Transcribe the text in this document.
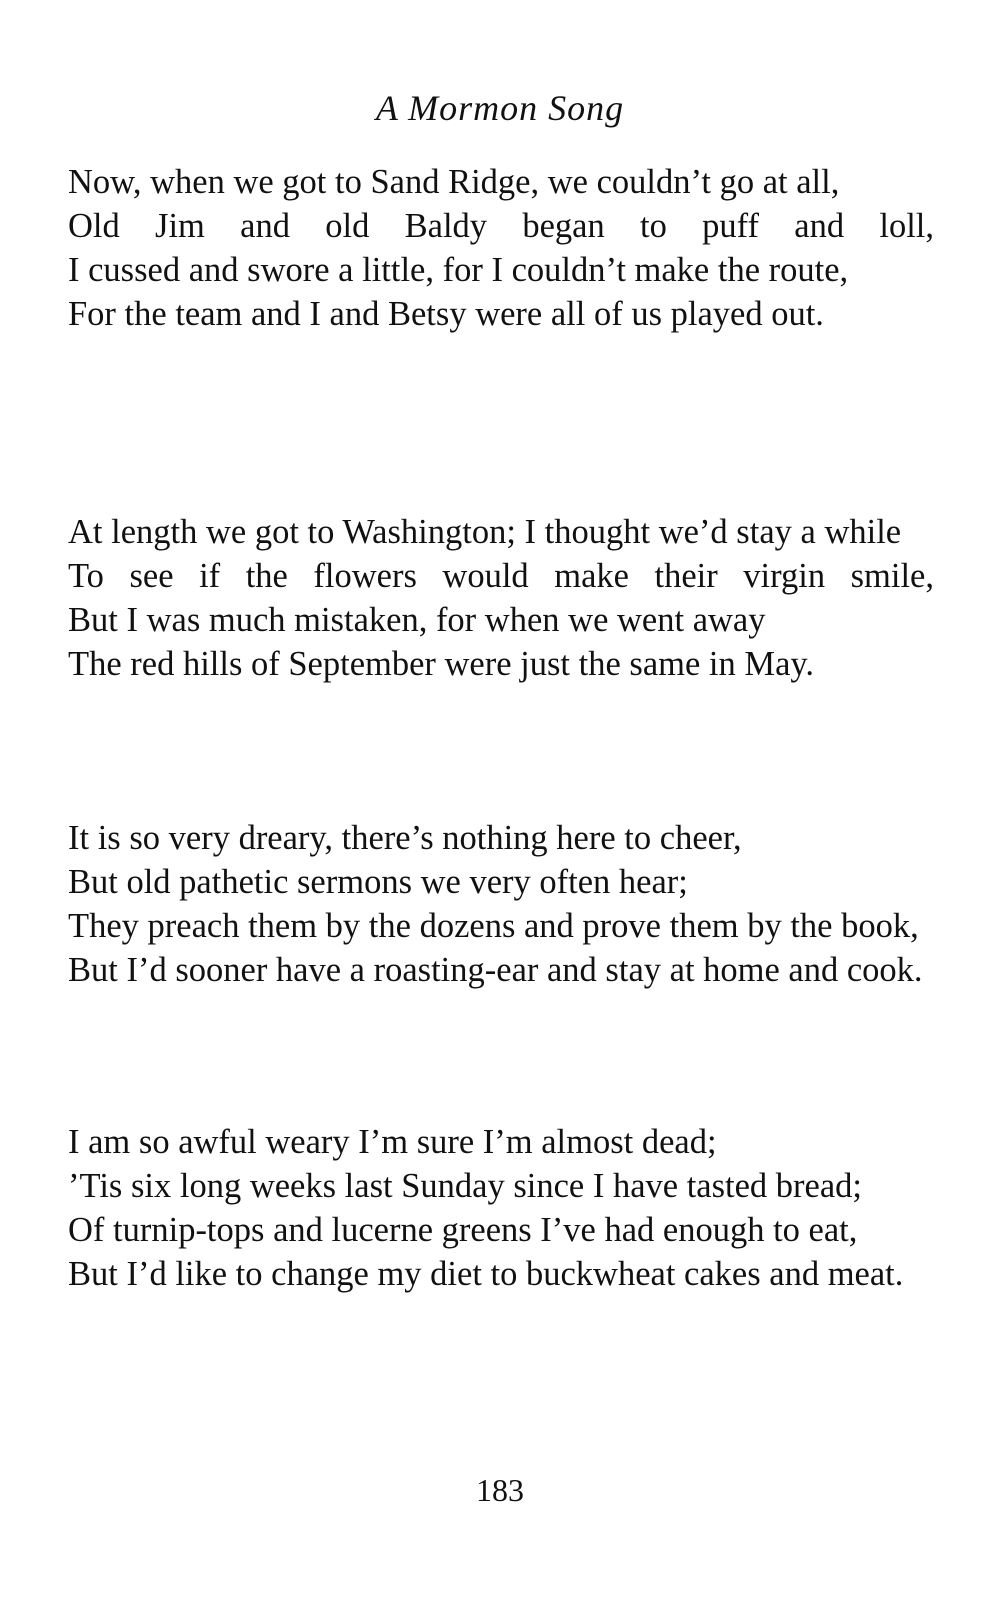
A Mormon Song

Now, when we got to Sand Ridge, we couldn’t go at all,

Old Jim and old Baldy began to puff and loll,

I cussed and swore a little, for I couldn’t make the route,

For the team and I and Betsy were all of us played out.

At length we got to Washington; I thought we’d stay a while

To see if the flowers would make their virgin smile,

But I was much mistaken, for when we went away

The red hills of September were just the same in May.

It is so very dreary, there’s nothing here to cheer,

But old pathetic sermons we very often hear;

They preach them by the dozens and prove them by the book,

But I’d sooner have a roasting-ear and stay at home and cook.

I am so awful weary I’m sure I’m almost dead;

’Tis six long weeks last Sunday since I have tasted bread;

Of turnip-tops and lucerne greens I’ve had enough to eat,

But I’d like to change my diet to buckwheat cakes and meat.

183
